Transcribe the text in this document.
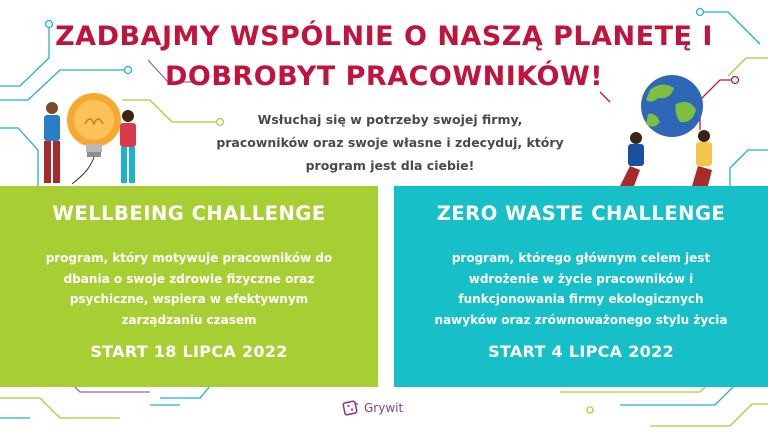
ZADBAJMY WSPÓLNIE O NASZĄ PLANETĘ I
DOBROBYT PRACOWNIKÓW!
Wsłuchaj się w potrzeby swojej firmy,
pracowników oraz swoje własne i zdecyduj, który
program jest dla ciebie!
WELLBEING CHALLENGE
program, który motywuje pracowników do
dbania o swoje zdrowie fizyczne oraz
psychiczne, wspiera w efektywnym
zarządzaniu czasem
START 18 LIPCA 2022
ZERO WASTE CHALLENGE
program, którego głównym celem jest
wdrożenie w życie pracowników i
funkcjonowania firmy ekologicznych
nawyków oraz zrównoważonego stylu życia
START 4 LIPCA 2022
Grywit
